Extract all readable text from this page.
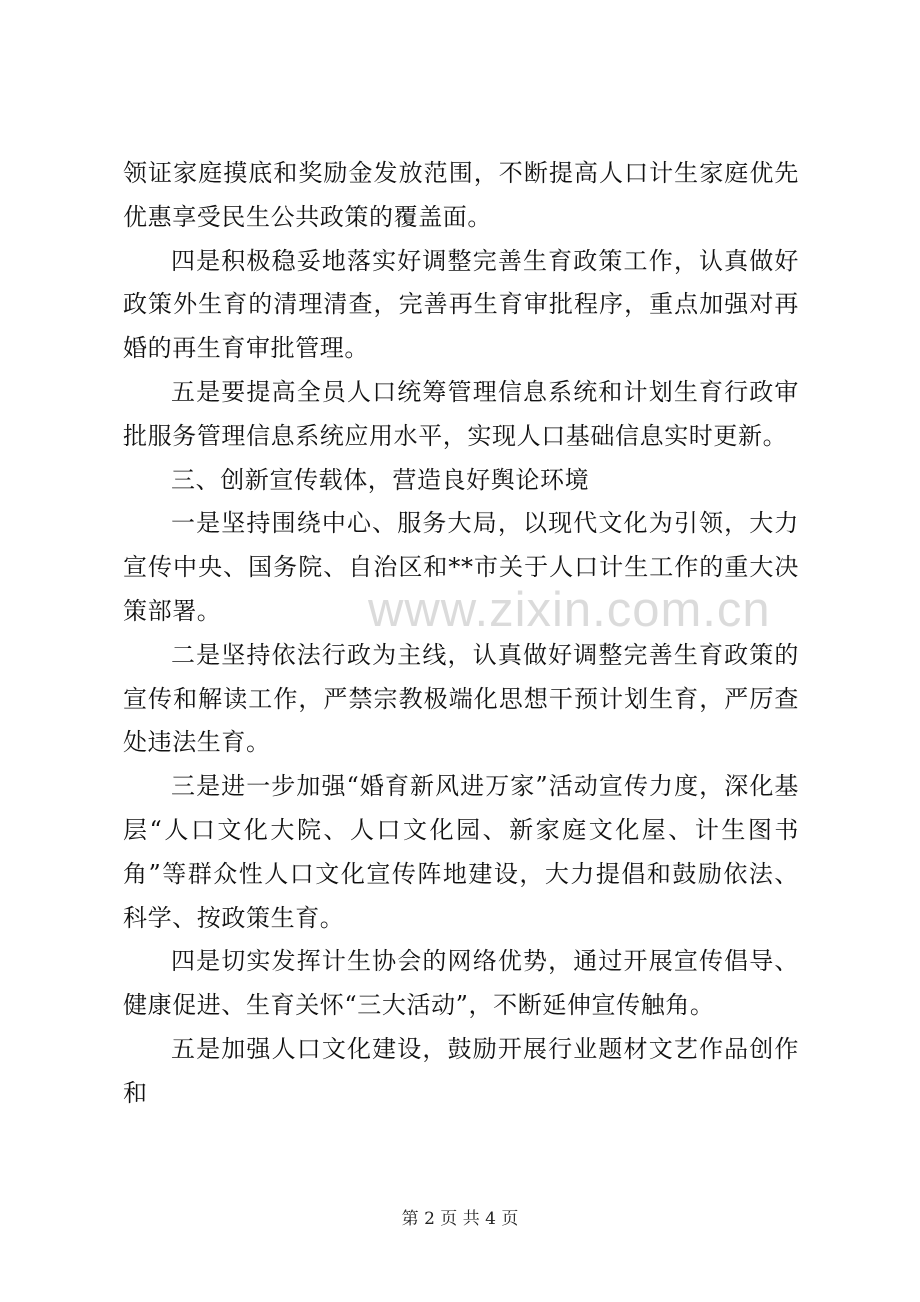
领证家庭摸底和奖励金发放范围，不断提高人口计生家庭优先优惠享受民生公共政策的覆盖面。

四是积极稳妥地落实好调整完善生育政策工作，认真做好政策外生育的清理清查，完善再生育审批程序，重点加强对再婚的再生育审批管理。

五是要提高全员人口统筹管理信息系统和计划生育行政审批服务管理信息系统应用水平，实现人口基础信息实时更新。

三、创新宣传载体，营造良好舆论环境

一是坚持围绕中心、服务大局，以现代文化为引领，大力宣传中央、国务院、自治区和**市关于人口计生工作的重大决策部署。

二是坚持依法行政为主线，认真做好调整完善生育政策的宣传和解读工作，严禁宗教极端化思想干预计划生育，严厉查处违法生育。

三是进一步加强“婚育新风进万家”活动宣传力度，深化基层“人口文化大院、人口文化园、新家庭文化屋、计生图书角”等群众性人口文化宣传阵地建设，大力提倡和鼓励依法、科学、按政策生育。

四是切实发挥计生协会的网络优势，通过开展宣传倡导、健康促进、生育关怀“三大活动”，不断延伸宣传触角。

五是加强人口文化建设，鼓励开展行业题材文艺作品创作和

www.zixin.com.cn
第 2 页 共 4 页
